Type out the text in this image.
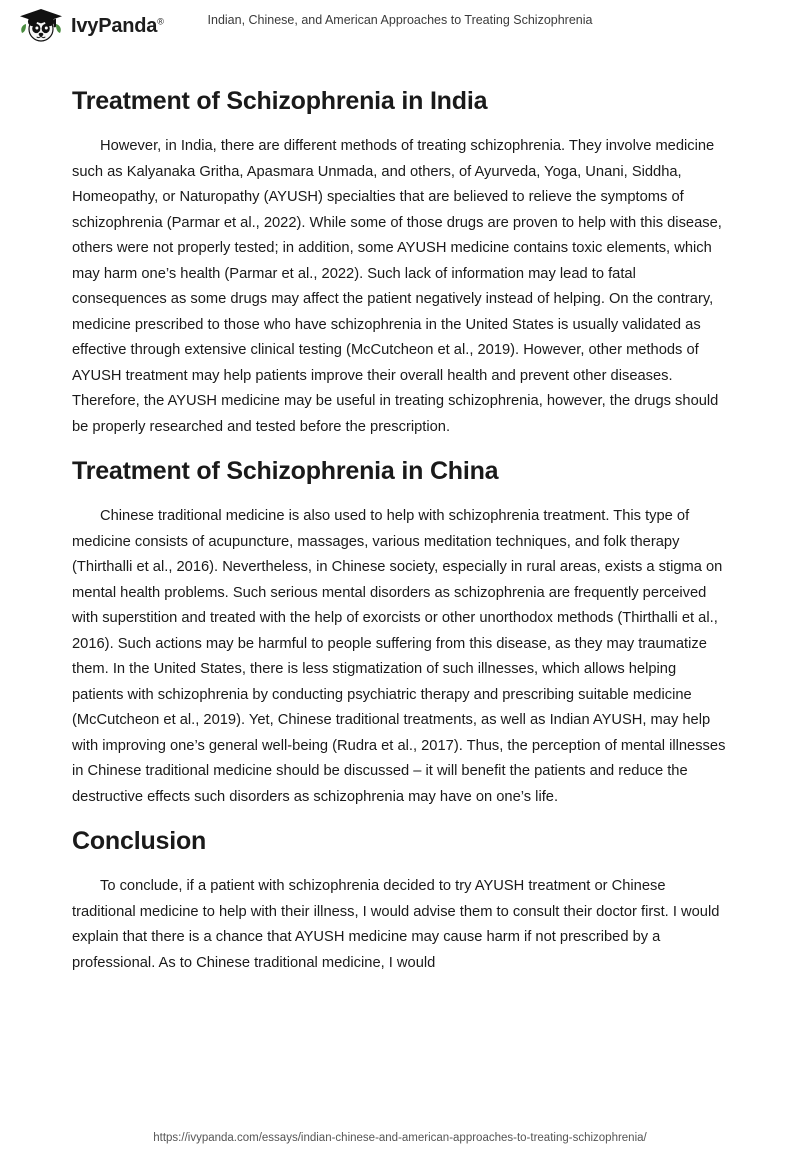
IvyPanda®	Indian, Chinese, and American Approaches to Treating Schizophrenia
Treatment of Schizophrenia in India

However, in India, there are different methods of treating schizophrenia. They involve medicine such as Kalyanaka Gritha, Apasmara Unmada, and others, of Ayurveda, Yoga, Unani, Siddha, Homeopathy, or Naturopathy (AYUSH) specialties that are believed to relieve the symptoms of schizophrenia (Parmar et al., 2022). While some of those drugs are proven to help with this disease, others were not properly tested; in addition, some AYUSH medicine contains toxic elements, which may harm one’s health (Parmar et al., 2022). Such lack of information may lead to fatal consequences as some drugs may affect the patient negatively instead of helping. On the contrary, medicine prescribed to those who have schizophrenia in the United States is usually validated as effective through extensive clinical testing (McCutcheon et al., 2019). However, other methods of AYUSH treatment may help patients improve their overall health and prevent other diseases. Therefore, the AYUSH medicine may be useful in treating schizophrenia, however, the drugs should be properly researched and tested before the prescription.

Treatment of Schizophrenia in China

Chinese traditional medicine is also used to help with schizophrenia treatment. This type of medicine consists of acupuncture, massages, various meditation techniques, and folk therapy (Thirthalli et al., 2016). Nevertheless, in Chinese society, especially in rural areas, exists a stigma on mental health problems. Such serious mental disorders as schizophrenia are frequently perceived with superstition and treated with the help of exorcists or other unorthodox methods (Thirthalli et al., 2016). Such actions may be harmful to people suffering from this disease, as they may traumatize them. In the United States, there is less stigmatization of such illnesses, which allows helping patients with schizophrenia by conducting psychiatric therapy and prescribing suitable medicine (McCutcheon et al., 2019). Yet, Chinese traditional treatments, as well as Indian AYUSH, may help with improving one’s general well-being (Rudra et al., 2017). Thus, the perception of mental illnesses in Chinese traditional medicine should be discussed – it will benefit the patients and reduce the destructive effects such disorders as schizophrenia may have on one’s life.

Conclusion

To conclude, if a patient with schizophrenia decided to try AYUSH treatment or Chinese traditional medicine to help with their illness, I would advise them to consult their doctor first. I would explain that there is a chance that AYUSH medicine may cause harm if not prescribed by a professional. As to Chinese traditional medicine, I would

https://ivypanda.com/essays/indian-chinese-and-american-approaches-to-treating-schizophrenia/
